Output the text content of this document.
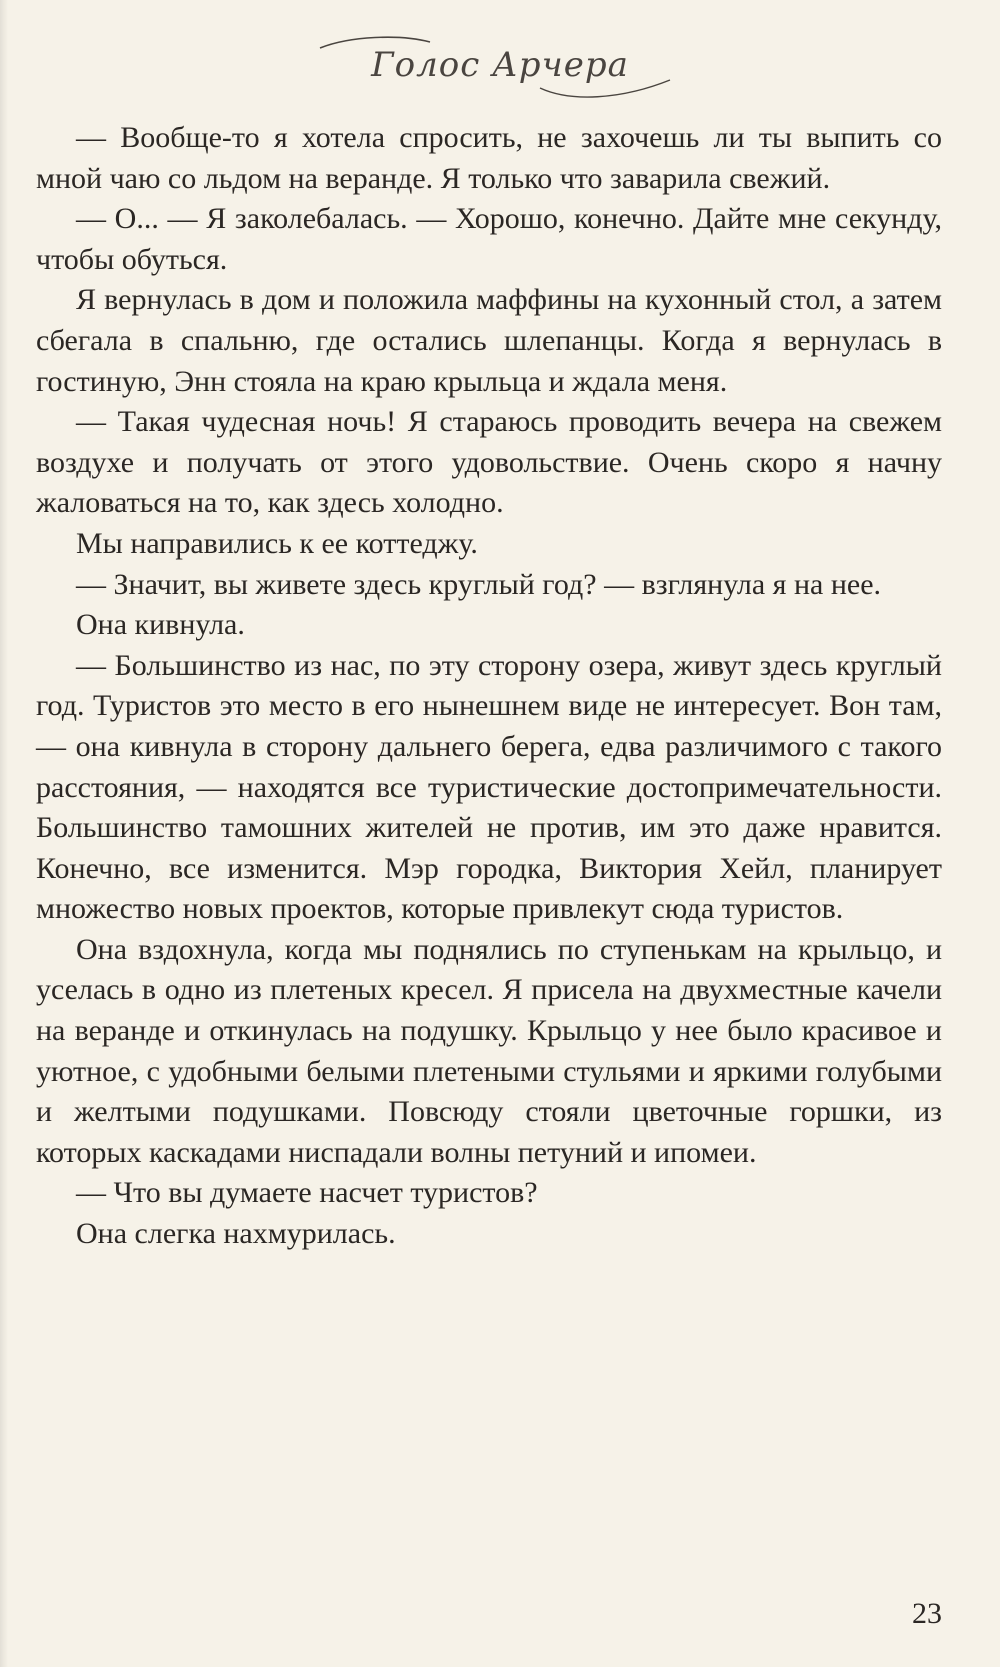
Голос Арчера

— Вообще-то я хотела спросить, не захочешь ли ты выпить со мной чаю со льдом на веранде. Я только что заварила свежий.

— О... — Я заколебалась. — Хорошо, конечно. Дайте мне секунду, чтобы обуться.

Я вернулась в дом и положила маффины на кухонный стол, а затем сбегала в спальню, где остались шлепанцы. Когда я вернулась в гостиную, Энн стояла на краю крыльца и ждала меня.

— Такая чудесная ночь! Я стараюсь проводить вечера на свежем воздухе и получать от этого удовольствие. Очень скоро я начну жаловаться на то, как здесь холодно.

Мы направились к ее коттеджу.

— Значит, вы живете здесь круглый год? — взглянула я на нее.

Она кивнула.

— Большинство из нас, по эту сторону озера, живут здесь круглый год. Туристов это место в его нынешнем виде не интересует. Вон там, — она кивнула в сторону дальнего берега, едва различимого с такого расстояния, — находятся все туристические достопримечательности. Большинство тамошних жителей не против, им это даже нравится. Конечно, все изменится. Мэр городка, Виктория Хейл, планирует множество новых проектов, которые привлекут сюда туристов.

Она вздохнула, когда мы поднялись по ступенькам на крыльцо, и уселась в одно из плетеных кресел. Я присела на двухместные качели на веранде и откинулась на подушку. Крыльцо у нее было красивое и уютное, с удобными белыми плетеными стульями и яркими голубыми и желтыми подушками. Повсюду стояли цветочные горшки, из которых каскадами ниспадали волны петуний и ипомеи.

— Что вы думаете насчет туристов?

Она слегка нахмурилась.

23
